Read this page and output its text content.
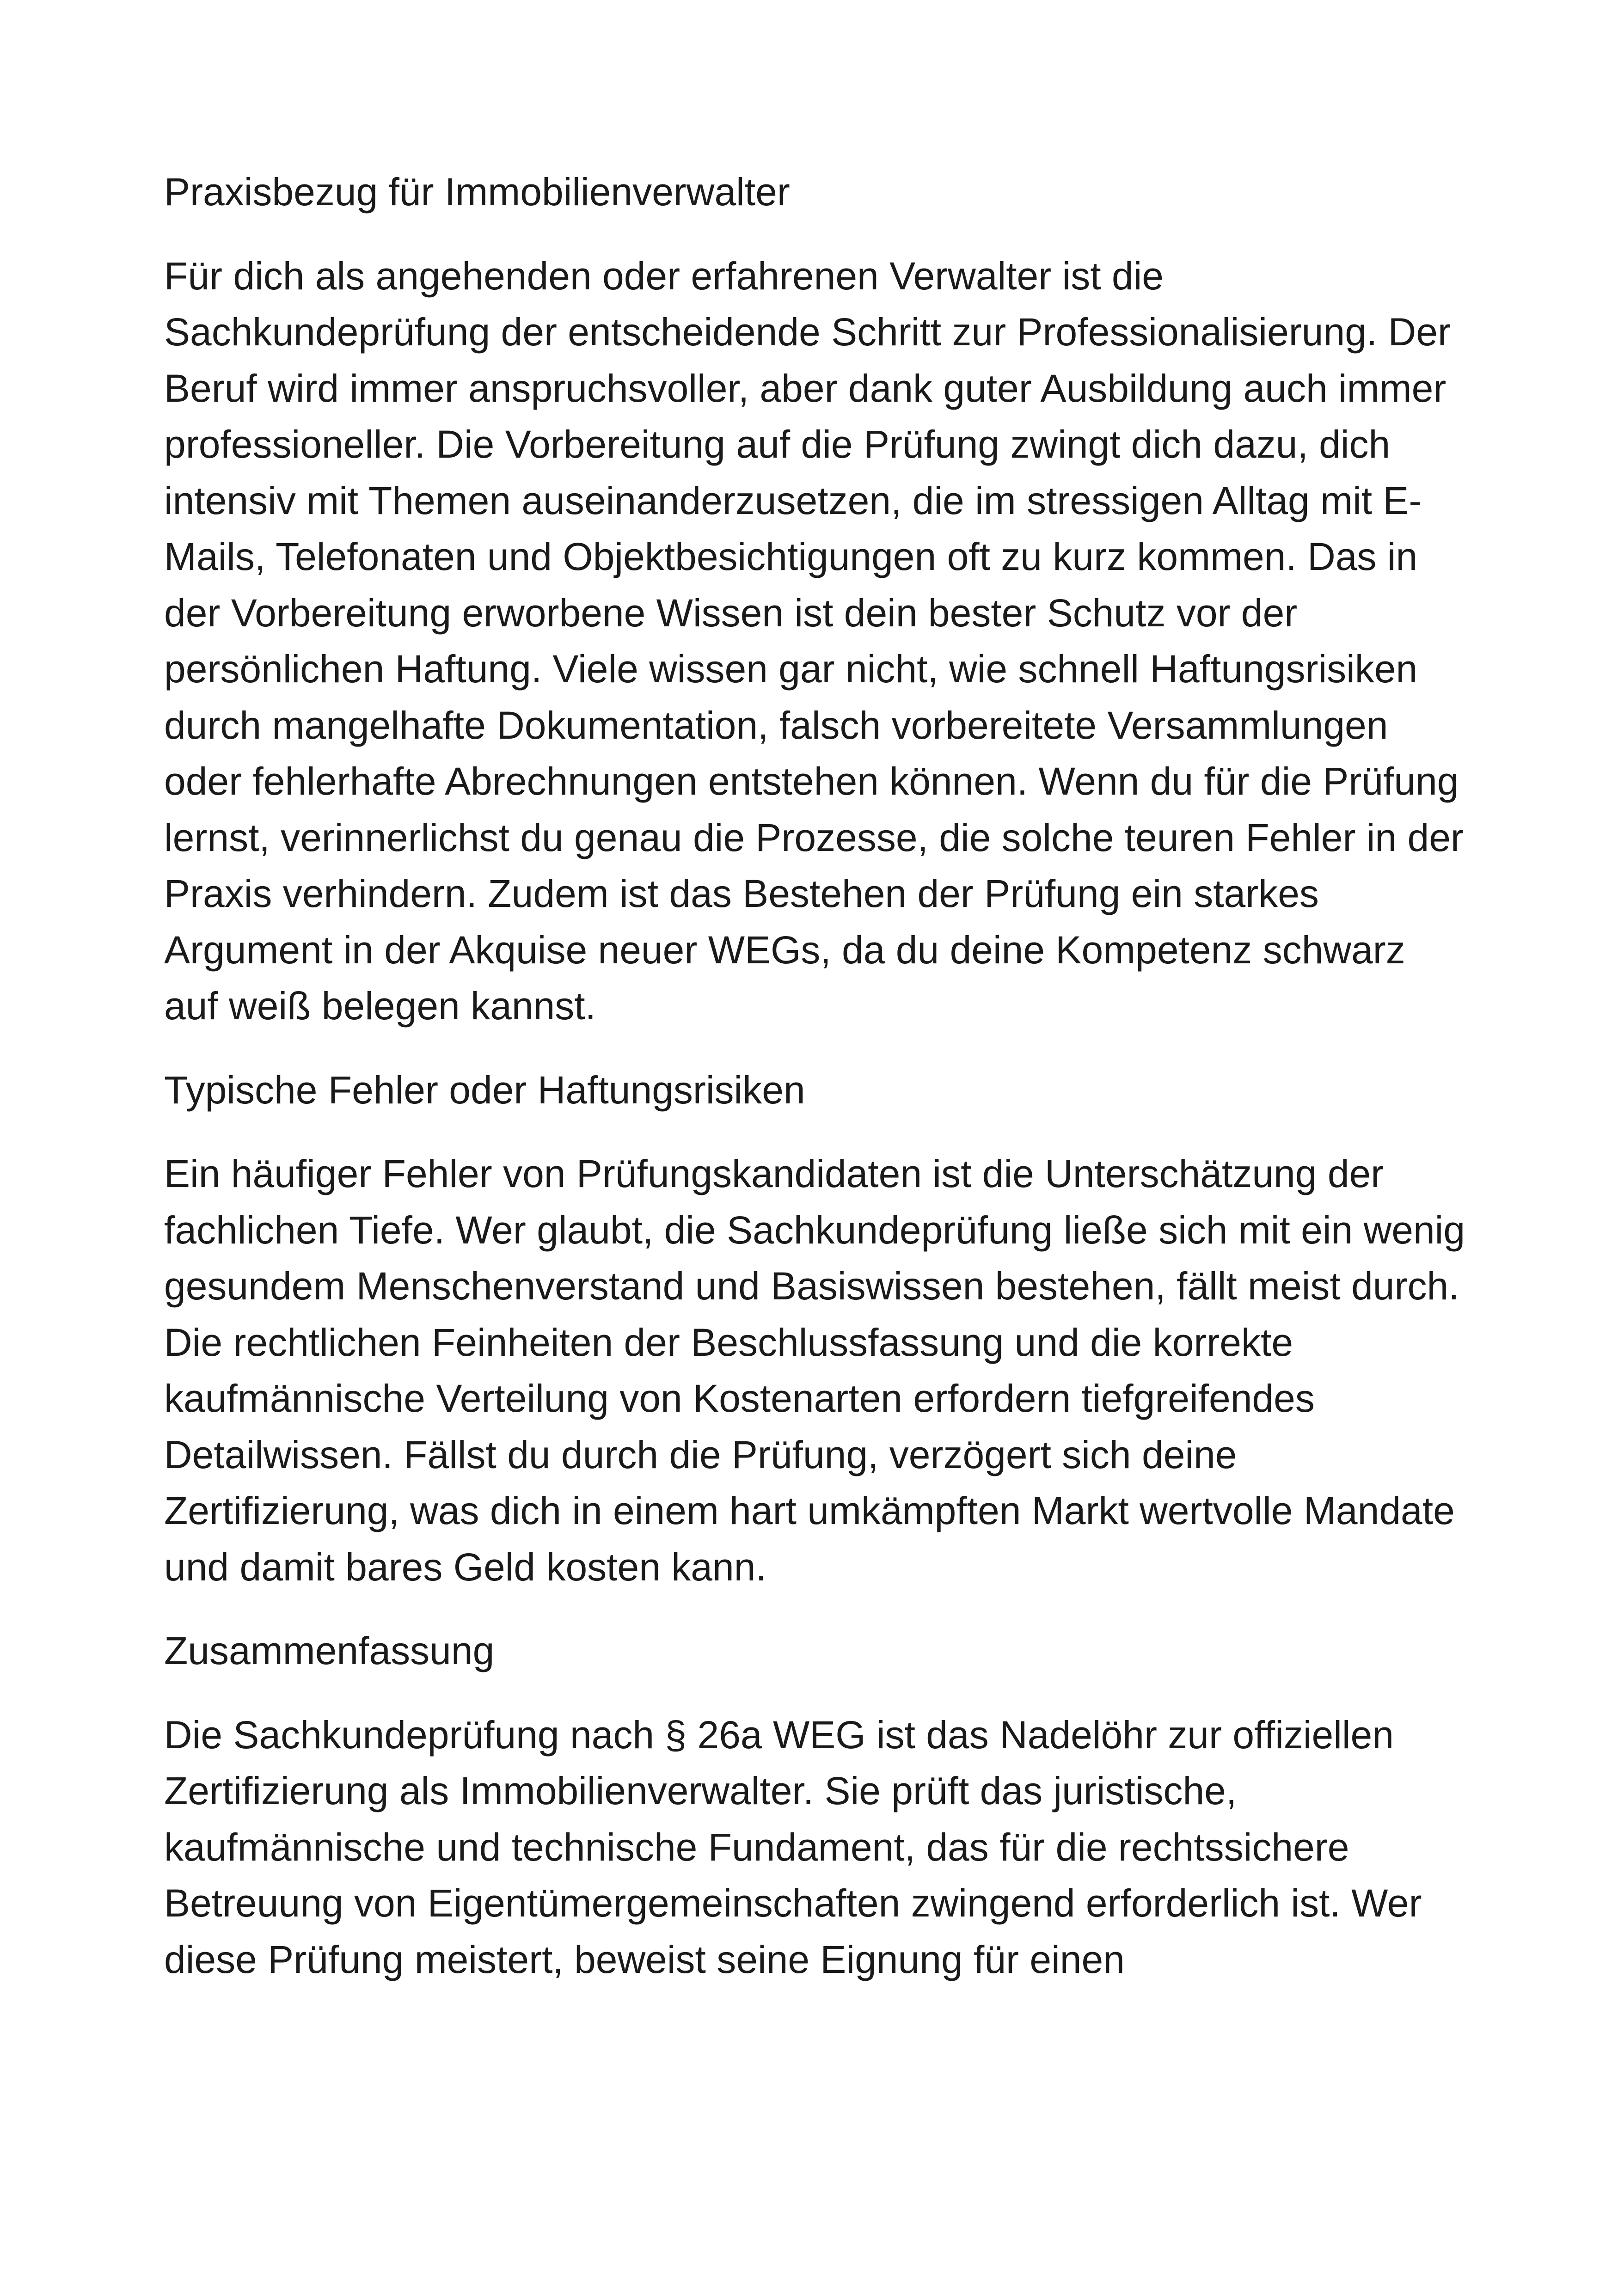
Praxisbezug für Immobilienverwalter

Für dich als angehenden oder erfahrenen Verwalter ist die Sachkundeprüfung der entscheidende Schritt zur Professionalisierung. Der Beruf wird immer anspruchsvoller, aber dank guter Ausbildung auch immer professioneller. Die Vorbereitung auf die Prüfung zwingt dich dazu, dich intensiv mit Themen auseinanderzusetzen, die im stressigen Alltag mit E-Mails, Telefonaten und Objektbesichtigungen oft zu kurz kommen. Das in der Vorbereitung erworbene Wissen ist dein bester Schutz vor der persönlichen Haftung. Viele wissen gar nicht, wie schnell Haftungsrisiken durch mangelhafte Dokumentation, falsch vorbereitete Versammlungen oder fehlerhafte Abrechnungen entstehen können. Wenn du für die Prüfung lernst, verinnerlichst du genau die Prozesse, die solche teuren Fehler in der Praxis verhindern. Zudem ist das Bestehen der Prüfung ein starkes Argument in der Akquise neuer WEGs, da du deine Kompetenz schwarz auf weiß belegen kannst.

Typische Fehler oder Haftungsrisiken

Ein häufiger Fehler von Prüfungskandidaten ist die Unterschätzung der fachlichen Tiefe. Wer glaubt, die Sachkundeprüfung ließe sich mit ein wenig gesundem Menschenverstand und Basiswissen bestehen, fällt meist durch. Die rechtlichen Feinheiten der Beschlussfassung und die korrekte kaufmännische Verteilung von Kostenarten erfordern tiefgreifendes Detailwissen. Fällst du durch die Prüfung, verzögert sich deine Zertifizierung, was dich in einem hart umkämpften Markt wertvolle Mandate und damit bares Geld kosten kann.

Zusammenfassung

Die Sachkundeprüfung nach § 26a WEG ist das Nadelöhr zur offiziellen Zertifizierung als Immobilienverwalter. Sie prüft das juristische, kaufmännische und technische Fundament, das für die rechtssichere Betreuung von Eigentümergemeinschaften zwingend erforderlich ist. Wer diese Prüfung meistert, beweist seine Eignung für einen
